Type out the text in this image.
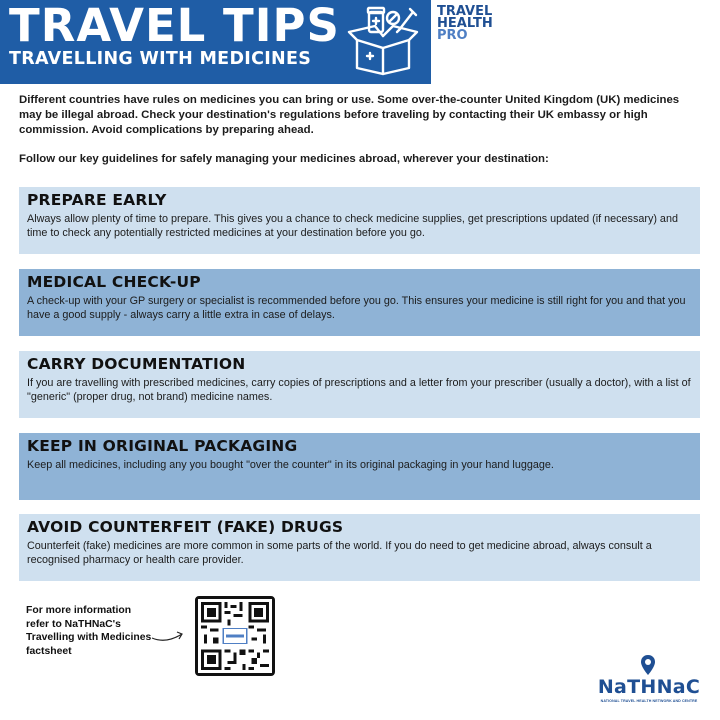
TRAVEL TIPS
TRAVELLING WITH MEDICINES
TRAVEL
HEALTH
PRO

Different countries have rules on medicines you can bring or use. Some over-the-counter United Kingdom (UK) medicines may be illegal abroad. Check your destination's regulations before traveling by contacting their UK embassy or high commission. Avoid complications by preparing ahead.

Follow our key guidelines for safely managing your medicines abroad, wherever your destination:

PREPARE EARLY
Always allow plenty of time to prepare. This gives you a chance to check medicine supplies, get prescriptions updated (if necessary) and time to check any potentially restricted medicines at your destination before you go.
MEDICAL CHECK-UP
A check-up with your GP surgery or specialist is recommended before you go. This ensures your medicine is still right for you and that you have a good supply - always carry a little extra in case of delays.
CARRY DOCUMENTATION
If you are travelling with prescribed medicines, carry copies of prescriptions and a letter from your prescriber (usually a doctor), with a list of "generic" (proper drug, not brand) medicine names.
KEEP IN ORIGINAL PACKAGING
Keep all medicines, including any you bought "over the counter" in its original packaging in your hand luggage.
AVOID COUNTERFEIT (FAKE) DRUGS
Counterfeit (fake) medicines are more common in some parts of the world. If you do need to get medicine abroad, always consult a recognised pharmacy or health care provider.

For more information refer to NaTHNaC's Travelling with Medicines factsheet

NaTHNaC
NATIONAL TRAVEL HEALTH NETWORK AND CENTRE
